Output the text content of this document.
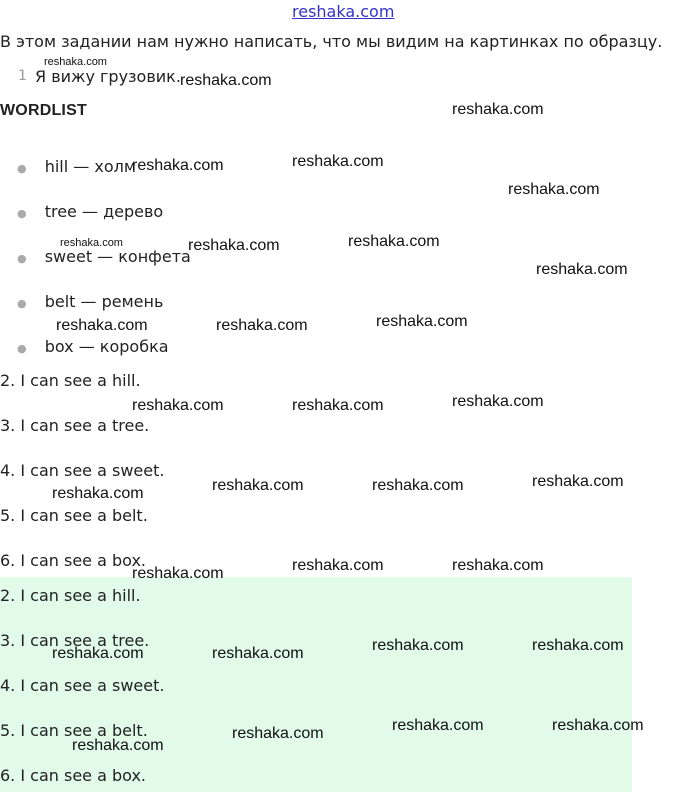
reshaka.com
В этом задании нам нужно написать, что мы видим на картинках по образцу.
1 Я вижу грузовик.
WORDLIST
● hill — холм
● tree — дерево
● sweet — конфета
● belt — ремень
● box — коробка
2. I can see a hill.
3. I can see a tree.
4. I can see a sweet.
5. I can see a belt.
6. I can see a box.
2. I can see a hill.
3. I can see a tree.
4. I can see a sweet.
5. I can see a belt.
6. I can see a box.
reshaka.com
reshaka.com
reshaka.com
reshaka.com	reshaka.com
reshaka.com
reshaka.com	reshaka.com	reshaka.com
reshaka.com
reshaka.com	reshaka.com	reshaka.com
reshaka.com	reshaka.com	reshaka.com
reshaka.com	reshaka.com	reshaka.com	reshaka.com
reshaka.com	reshaka.com	reshaka.com
reshaka.com	reshaka.com	reshaka.com	reshaka.com
reshaka.com
reshaka.com	reshaka.com	reshaka.com
